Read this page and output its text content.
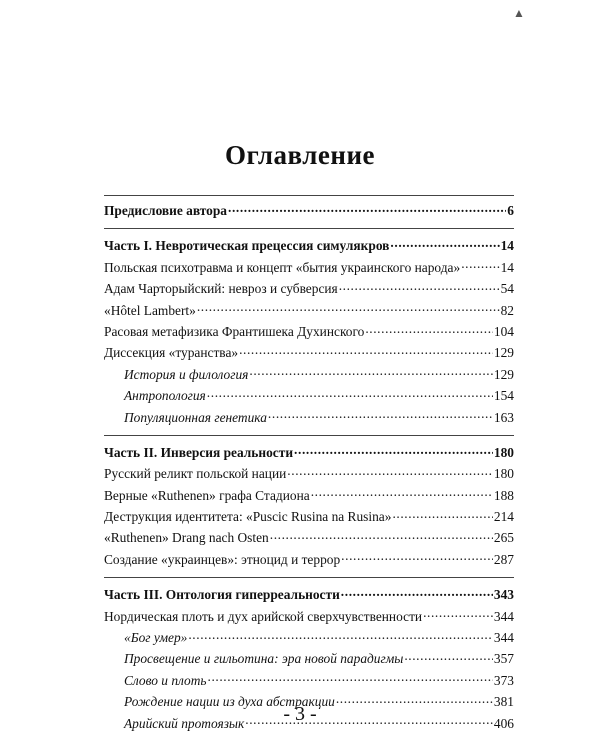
▲
Оглавление
Предисловие автора .....	6
Часть I. Невротическая прецессия симулякров .....	14
Польская психотравма и концепт «бытия украинского народа» .....	14
Адам Чарторыйский: невроз и субверсия .....	54
«Hôtel Lambert» .....	82
Расовая метафизика Франтишека Духинского .....	104
Диссекция «туранства» .....	129
История и филология .....	129
Антропология .....	154
Популяционная генетика .....	163
Часть II. Инверсия реальности .....	180
Русский реликт польской нации .....	180
Верные «Ruthenen» графа Стадиона .....	188
Деструкция идентитета: «Puscic Rusina na Rusina» .....	214
«Ruthenen» Drang nach Osten .....	265
Создание «украинцев»: этноцид и террор .....	287
Часть III. Онтология гиперреальности .....	343
Нордическая плоть и дух арийской сверхчувственности .....	344
«Бог умер» .....	344
Просвещение и гильотина: эра новой парадигмы .....	357
Слово и плоть .....	373
Рождение нации из духа абстракции .....	381
Арийский протоязык .....	406
- 3 -
